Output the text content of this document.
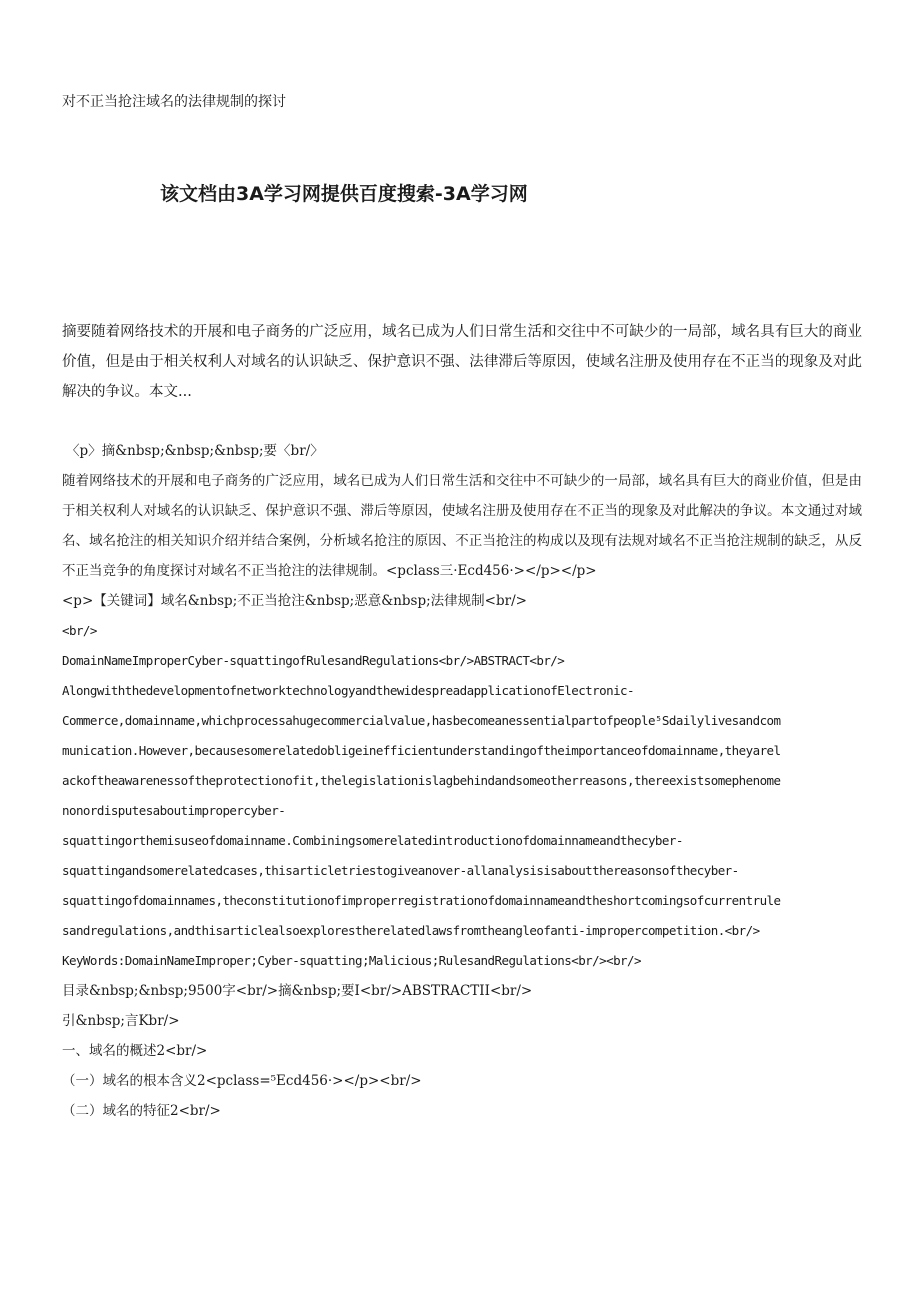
对不正当抢注域名的法律规制的探讨
该文档由3A学习网提供百度搜索-3A学习网

摘要随着网络技术的开展和电子商务的广泛应用，域名已成为人们日常生活和交往中不可缺少的一局部，域名具有巨大的商业价值，但是由于相关权利人对域名的认识缺乏、保护意识不强、法律滞后等原因，使域名注册及使用存在不正当的现象及对此解决的争议。本文...

〈p〉摘&nbsp;&nbsp;&nbsp;要〈br/〉
随着网络技术的开展和电子商务的广泛应用，域名已成为人们日常生活和交往中不可缺少的一局部，域名具有巨大的商业价值，但是由于相关权利人对域名的认识缺乏、保护意识不强、滞后等原因，使域名注册及使用存在不正当的现象及对此解决的争议。本文通过对域名、域名抢注的相关知识介绍并结合案例，分析域名抢注的原因、不正当抢注的构成以及现有法规对域名不正当抢注规制的缺乏，从反不正当竞争的角度探讨对域名不正当抢注的法律规制。<pclass三·Ecd456·></p></p>
<p>【关键词】域名&nbsp;不正当抢注&nbsp;恶意&nbsp;法律规制<br/>
<br/>
DomainNameImproperCyber-squattingofRulesandRegulations<br/>ABSTRACT<br/>
AlongwiththedevelopmentofnetworktechnologyandthewidespreadapplicationofElectronic-
Commerce,domainname,whichprocessahugecommercialvalue,hasbecomeanessentialpartofpeople⁵Sdailylivesandcom
munication.However,becausesomerelatedobligeinefficientunderstandingoftheimportanceofdomainname,theyarel
ackoftheawarenessoftheprotectionofit,thelegislationislagbehindandsomeotherreasons,thereexistsomephenome
nonordisputesaboutimpropercyber-
squattingorthemisuseofdomainname.Combiningsomerelatedintroductionofdomainnameandthecyber-
squattingandsomerelatedcases,thisarticletriestogiveanover-allanalysisisaboutthereasonsofthecyber-
squattingofdomainnames,theconstitutionofimproperregistrationofdomainnameandtheshortcomingsofcurrentrule
sandregulations,andthisarticlealsoexplorestherelatedlawsfromtheangleofanti-impropercompetition.<br/>
KeyWords:DomainNameImproper;Cyber-squatting;Malicious;RulesandRegulations<br/><br/>
目录&nbsp;&nbsp;9500字<br/>摘&nbsp;要I<br/>ABSTRACTII<br/>
引&nbsp;言Kbr/>
一、域名的概述2<br/>
（一）域名的根本含义2<pclass=⁵Ecd456·></p><br/>
（二）域名的特征2<br/>
